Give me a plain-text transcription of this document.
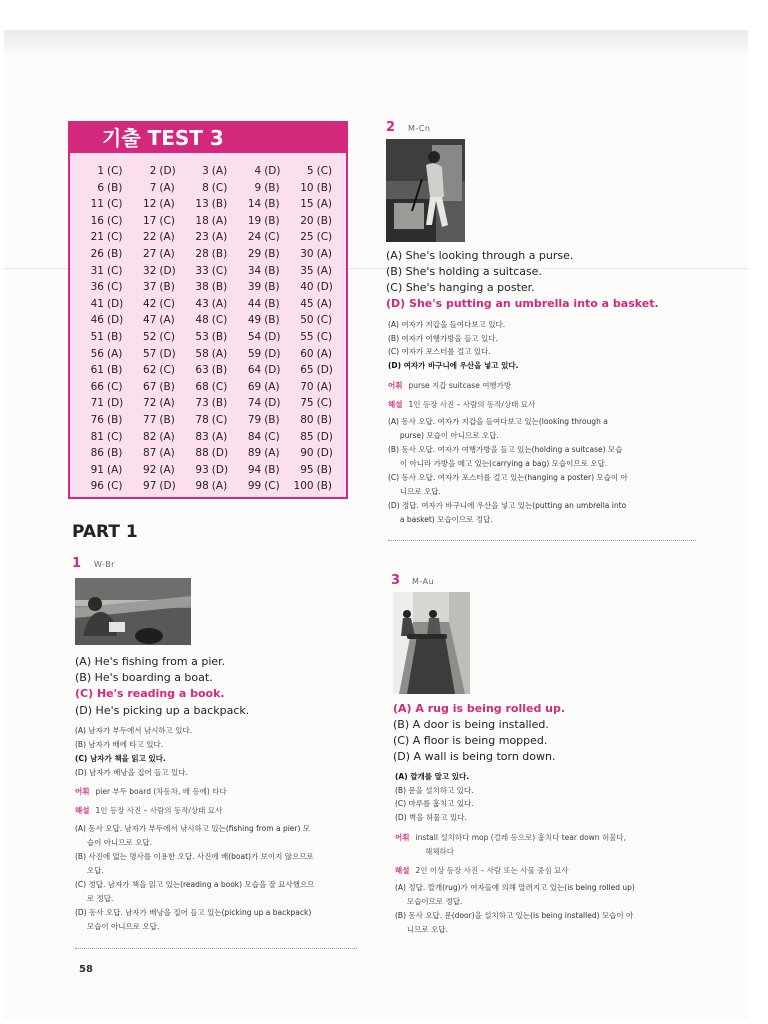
기출 TEST 3
1 (C)	2 (D)	3 (A)	4 (D)	5 (C)
6 (B)	7 (A)	8 (C)	9 (B)	10 (B)
11 (C)	12 (A)	13 (B)	14 (B)	15 (A)
16 (C)	17 (C)	18 (A)	19 (B)	20 (B)
21 (C)	22 (A)	23 (A)	24 (C)	25 (C)
26 (B)	27 (A)	28 (B)	29 (B)	30 (A)
31 (C)	32 (D)	33 (C)	34 (B)	35 (A)
36 (C)	37 (B)	38 (B)	39 (B)	40 (D)
41 (D)	42 (C)	43 (A)	44 (B)	45 (A)
46 (D)	47 (A)	48 (C)	49 (B)	50 (C)
51 (B)	52 (C)	53 (B)	54 (D)	55 (C)
56 (A)	57 (D)	58 (A)	59 (D)	60 (A)
61 (B)	62 (C)	63 (B)	64 (D)	65 (D)
66 (C)	67 (B)	68 (C)	69 (A)	70 (A)
71 (D)	72 (A)	73 (B)	74 (D)	75 (C)
76 (B)	77 (B)	78 (C)	79 (B)	80 (B)
81 (C)	82 (A)	83 (A)	84 (C)	85 (D)
86 (B)	87 (A)	88 (D)	89 (A)	90 (D)
91 (A)	92 (A)	93 (D)	94 (B)	95 (B)
96 (C)	97 (D)	98 (A)	99 (C)	100 (B)
PART 1
1 W-Br
(A) He's fishing from a pier.
(B) He's boarding a boat.
(C) He's reading a book.
(D) He's picking up a backpack.
(A) 남자가 부두에서 낚시하고 있다.
(B) 남자가 배에 타고 있다.
(C) 남자가 책을 읽고 있다.
(D) 남자가 배낭을 집어 들고 있다.
어휘 pier 부두 board (차동차, 배 등에) 타다
해설 1인 등장 사진 – 사람의 동작/상태 묘사
(A) 동사 오답. 남자가 부두에서 낚시하고 있는(fishing from a pier) 모
습이 아니므로 오답.
(B) 사진에 없는 명사를 이용한 오답. 사진에 배(boat)가 보이지 않으므로
오답.
(C) 정답. 남자가 책을 읽고 있는(reading a book) 모습을 잘 묘사했으므
로 정답.
(D) 동사 오답. 남자가 배낭을 집어 들고 있는(picking up a backpack)
모습이 아니므로 오답.
2 M-Cn
(A) She's looking through a purse.
(B) She's holding a suitcase.
(C) She's hanging a poster.
(D) She's putting an umbrella into a basket.
(A) 여자가 지갑을 들여다보고 있다.
(B) 여자가 여행가방을 들고 있다.
(C) 여자가 포스터를 걸고 있다.
(D) 여자가 바구니에 우산을 넣고 있다.
어휘 purse 지갑 suitcase 여행가방
해설 1인 등장 사진 – 사람의 동작/상태 묘사
(A) 동사 오답. 여자가 지갑을 들여다보고 있는(looking through a
purse) 모습이 아니므로 오답.
(B) 동사 오답. 여자가 여행가방을 들고 있는(holding a suitcase) 모습
이 아니라 가방을 메고 있는(carrying a bag) 모습이므로 오답.
(C) 동사 오답. 여자가 포스터를 걸고 있는(hanging a poster) 모습이 아
니므로 오답.
(D) 정답. 여자가 바구니에 우산을 넣고 있는(putting an umbrella into
a basket) 모습이므로 정답.
3 M-Au
(A) A rug is being rolled up.
(B) A door is being installed.
(C) A floor is being mopped.
(D) A wall is being torn down.
(A) 깔개를 말고 있다.
(B) 문을 설치하고 있다.
(C) 마루를 훔치고 있다.
(D) 벽을 허물고 있다.
어휘 install 설치하다 mop (걸레 등으로) 훔치다 tear down 허물다,
해체하다
해설 2인 이상 등장 사진 – 사람 또는 사물 중심 묘사
(A) 정답. 깔개(rug)가 여자들에 의해 말려지고 있는(is being rolled up)
모습이므로 정답.
(B) 동사 오답. 문(door)을 설치하고 있는(is being installed) 모습이 아
니므로 오답.
58
